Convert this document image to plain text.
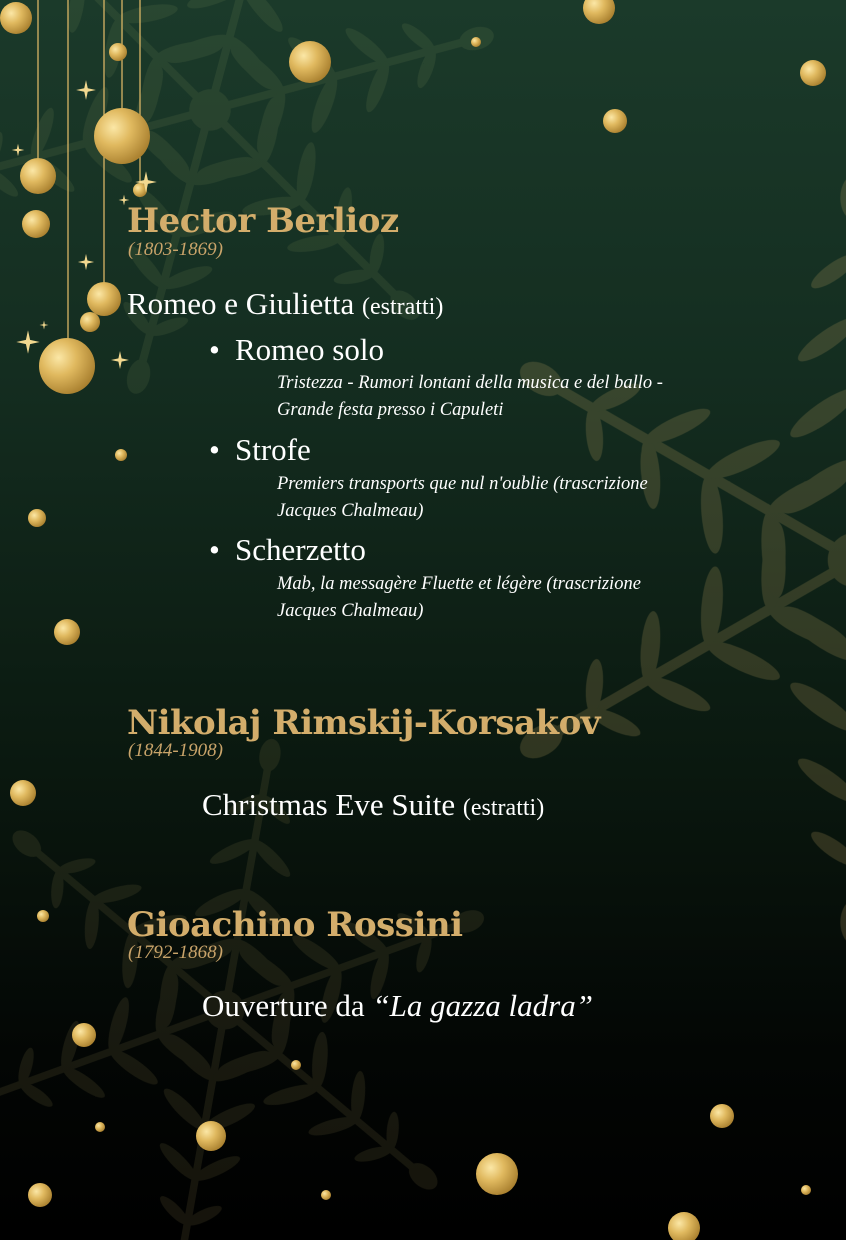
Hector Berlioz
(1803-1869)
Romeo e Giulietta (estratti)
• Romeo solo
Tristezza - Rumori lontani della musica e del ballo -
Grande festa presso i Capuleti
• Strofe
Premiers transports que nul n'oublie (trascrizione
Jacques Chalmeau)
• Scherzetto
Mab, la messagère Fluette et légère (trascrizione
Jacques Chalmeau)
Nikolaj Rimskij-Korsakov
(1844-1908)
Christmas Eve Suite (estratti)
Gioachino Rossini
(1792-1868)
Ouverture da “La gazza ladra”
